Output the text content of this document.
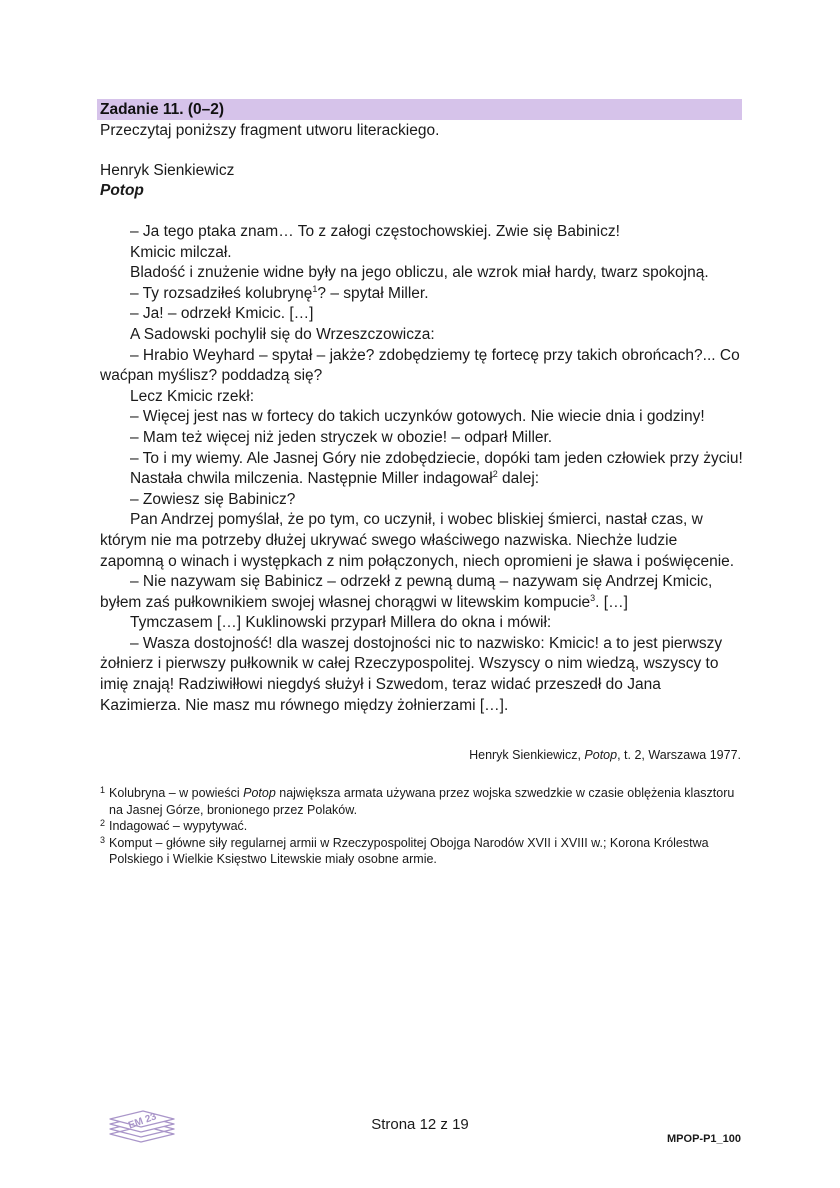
Zadanie 11. (0–2)
Przeczytaj poniższy fragment utworu literackiego.
Henryk Sienkiewicz
Potop

– Ja tego ptaka znam… To z załogi częstochowskiej. Zwie się Babinicz!

Kmicic milczał.

Bladość i znużenie widne były na jego obliczu, ale wzrok miał hardy, twarz spokojną.

– Ty rozsadziłeś kolubrynę$^1$? – spytał Miller.

– Ja! – odrzekł Kmicic. […]

A Sadowski pochylił się do Wrzeszczowicza:

– Hrabio Weyhard – spytał – jakże? zdobędziemy tę fortecę przy takich obrońcach?... Co waćpan myślisz? poddadzą się?

Lecz Kmicic rzekł:

– Więcej jest nas w fortecy do takich uczynków gotowych. Nie wiecie dnia i godziny!

– Mam też więcej niż jeden stryczek w obozie! – odparł Miller.

– To i my wiemy. Ale Jasnej Góry nie zdobędziecie, dopóki tam jeden człowiek przy życiu!

Nastała chwila milczenia. Następnie Miller indagował$^2$ dalej:

– Zowiesz się Babinicz?

Pan Andrzej pomyślał, że po tym, co uczynił, i wobec bliskiej śmierci, nastał czas, w którym nie ma potrzeby dłużej ukrywać swego właściwego nazwiska. Niechże ludzie zapomną o winach i występkach z nim połączonych, niech opromieni je sława i poświęcenie.

– Nie nazywam się Babinicz – odrzekł z pewną dumą – nazywam się Andrzej Kmicic, byłem zaś pułkownikiem swojej własnej chorągwi w litewskim kompucie$^3$. […]

Tymczasem […] Kuklinowski przyparł Millera do okna i mówił:

– Wasza dostojność! dla waszej dostojności nic to nazwisko: Kmicic! a to jest pierwszy żołnierz i pierwszy pułkownik w całej Rzeczypospolitej. Wszyscy o nim wiedzą, wszyscy to imię znają! Radziwiłłowi niegdyś służył i Szwedom, teraz widać przeszedł do Jana Kazimierza. Nie masz mu równego między żołnierzami […].

Henryk Sienkiewicz, Potop, t. 2, Warszawa 1977.

1 Kolubryna – w powieści Potop największa armata używana przez wojska szwedzkie w czasie oblężenia klasztoru na Jasnej Górze, bronionego przez Polaków.

2 Indagować – wypytywać.

3 Komput – główne siły regularnej armii w Rzeczypospolitej Obojga Narodów XVII i XVIII w.; Korona Królestwa Polskiego i Wielkie Księstwo Litewskie miały osobne armie.

EM 23	Strona 12 z 19
MPOP-P1_100
